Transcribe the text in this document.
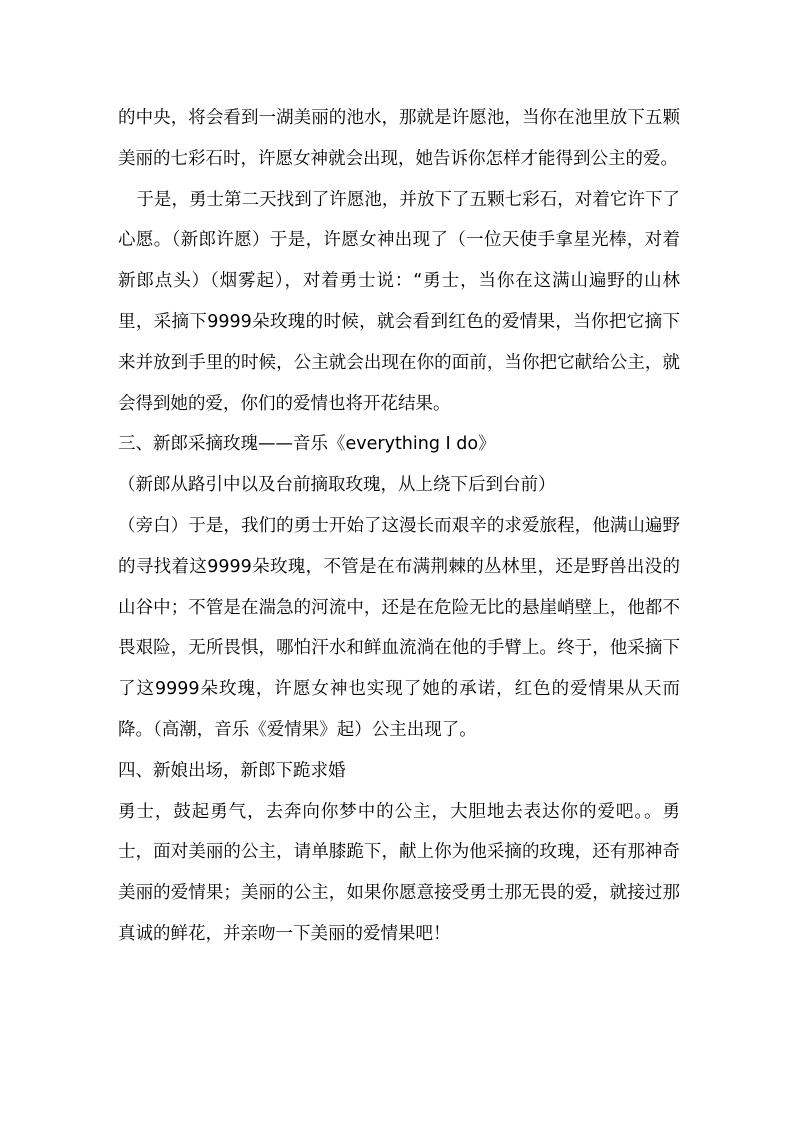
的中央，将会看到一湖美丽的池水，那就是许愿池，当你在池里放下五颗美丽的七彩石时，许愿女神就会出现，她告诉你怎样才能得到公主的爱。

于是，勇士第二天找到了许愿池，并放下了五颗七彩石，对着它许下了心愿。（新郎许愿）于是，许愿女神出现了（一位天使手拿星光棒，对着新郎点头）（烟雾起），对着勇士说：“勇士，当你在这满山遍野的山林里，采摘下9999朵玫瑰的时候，就会看到红色的爱情果，当你把它摘下来并放到手里的时候，公主就会出现在你的面前，当你把它献给公主，就会得到她的爱，你们的爱情也将开花结果。

三、新郎采摘玫瑰——音乐《everything I do》

（新郎从路引中以及台前摘取玫瑰，从上绕下后到台前）

（旁白）于是，我们的勇士开始了这漫长而艰辛的求爱旅程，他满山遍野的寻找着这9999朵玫瑰，不管是在布满荆棘的丛林里，还是野兽出没的山谷中；不管是在湍急的河流中，还是在危险无比的悬崖峭壁上，他都不畏艰险，无所畏惧，哪怕汗水和鲜血流淌在他的手臂上。终于，他采摘下了这9999朵玫瑰，许愿女神也实现了她的承诺，红色的爱情果从天而降。（高潮，音乐《爱情果》起）公主出现了。

四、新娘出场，新郎下跪求婚

勇士，鼓起勇气，去奔向你梦中的公主，大胆地去表达你的爱吧。。勇士，面对美丽的公主，请单膝跪下，献上你为他采摘的玫瑰，还有那神奇美丽的爱情果；美丽的公主，如果你愿意接受勇士那无畏的爱，就接过那真诚的鲜花，并亲吻一下美丽的爱情果吧！
